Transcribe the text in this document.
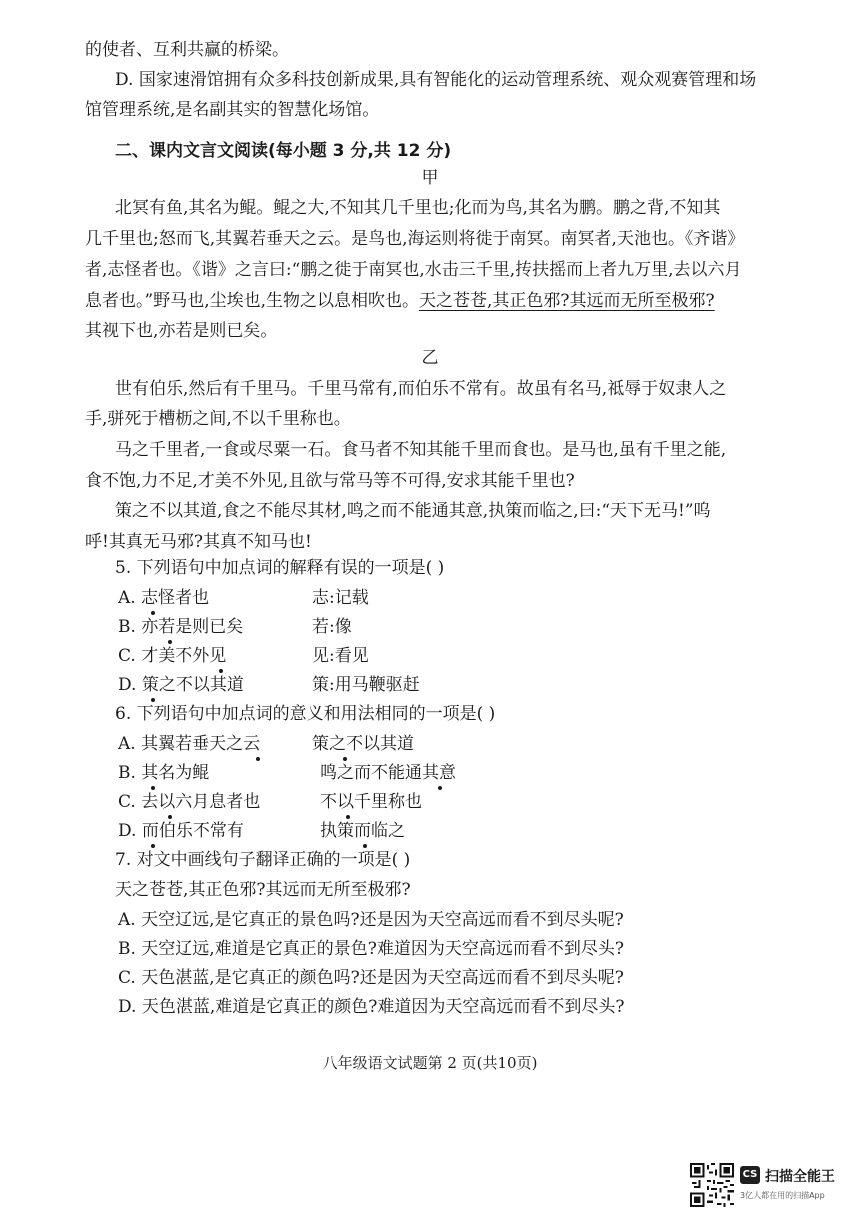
的使者、互利共赢的桥梁。
D. 国家速滑馆拥有众多科技创新成果,具有智能化的运动管理系统、观众观赛管理和场
馆管理系统,是名副其实的智慧化场馆。
二、课内文言文阅读(每小题 3 分,共 12 分)
甲
北冥有鱼,其名为鲲。鲲之大,不知其几千里也;化而为鸟,其名为鹏。鹏之背,不知其
几千里也;怒而飞,其翼若垂天之云。是鸟也,海运则将徙于南冥。南冥者,天池也。《齐谐》
者,志怪者也。《谐》之言曰:“鹏之徙于南冥也,水击三千里,抟扶摇而上者九万里,去以六月
息者也。”野马也,尘埃也,生物之以息相吹也。天之苍苍,其正色邪?其远而无所至极邪?
其视下也,亦若是则已矣。
乙
世有伯乐,然后有千里马。千里马常有,而伯乐不常有。故虽有名马,祗辱于奴隶人之
手,骈死于槽枥之间,不以千里称也。
马之千里者,一食或尽粟一石。食马者不知其能千里而食也。是马也,虽有千里之能,
食不饱,力不足,才美不外见,且欲与常马等不可得,安求其能千里也?
策之不以其道,食之不能尽其材,鸣之而不能通其意,执策而临之,曰:“天下无马!”呜
呼!其真无马邪?其真不知马也!
5. 下列语句中加点词的解释有误的一项是( )
A. 志怪者也	志:记载
B. 亦若是则已矣	若:像
C. 才美不外见	见:看见
D. 策之不以其道	策:用马鞭驱赶
6. 下列语句中加点词的意义和用法相同的一项是( )
A. 其翼若垂天之云	策之不以其道
B. 其名为鲲	鸣之而不能通其意
C. 去以六月息者也	不以千里称也
D. 而伯乐不常有	执策而临之
7. 对文中画线句子翻译正确的一项是( )
天之苍苍,其正色邪?其远而无所至极邪?
A. 天空辽远,是它真正的景色吗?还是因为天空高远而看不到尽头呢?
B. 天空辽远,难道是它真正的景色?难道因为天空高远而看不到尽头?
C. 天色湛蓝,是它真正的颜色吗?还是因为天空高远而看不到尽头呢?
D. 天色湛蓝,难道是它真正的颜色?难道因为天空高远而看不到尽头?
八年级语文试题第 2 页(共10页)
CS 扫描全能王
3亿人都在用的扫描App
